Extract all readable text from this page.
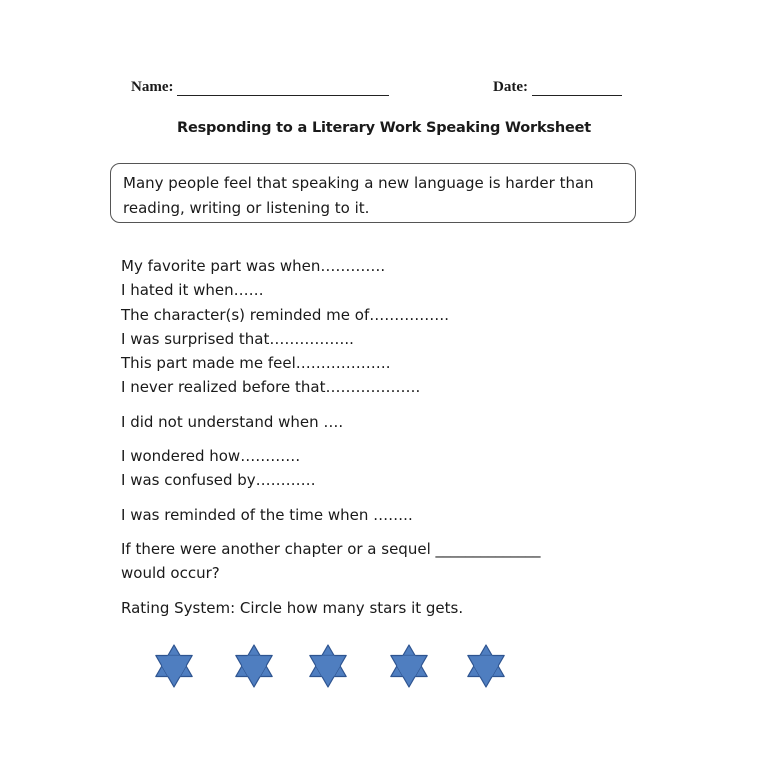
Name:	Date:
Responding to a Literary Work Speaking Worksheet
Many people feel that speaking a new language is harder than
reading, writing or listening to it.
My favorite part was when………….
I hated it when……
The character(s) reminded me of…………….
I was surprised that……………..
This part made me feel……………….
I never realized before that……………….
I did not understand when ….
I wondered how…………
I was confused by…………
I was reminded of the time when ……..
If there were another chapter or a sequel ______________
would occur?
Rating System: Circle how many stars it gets.
